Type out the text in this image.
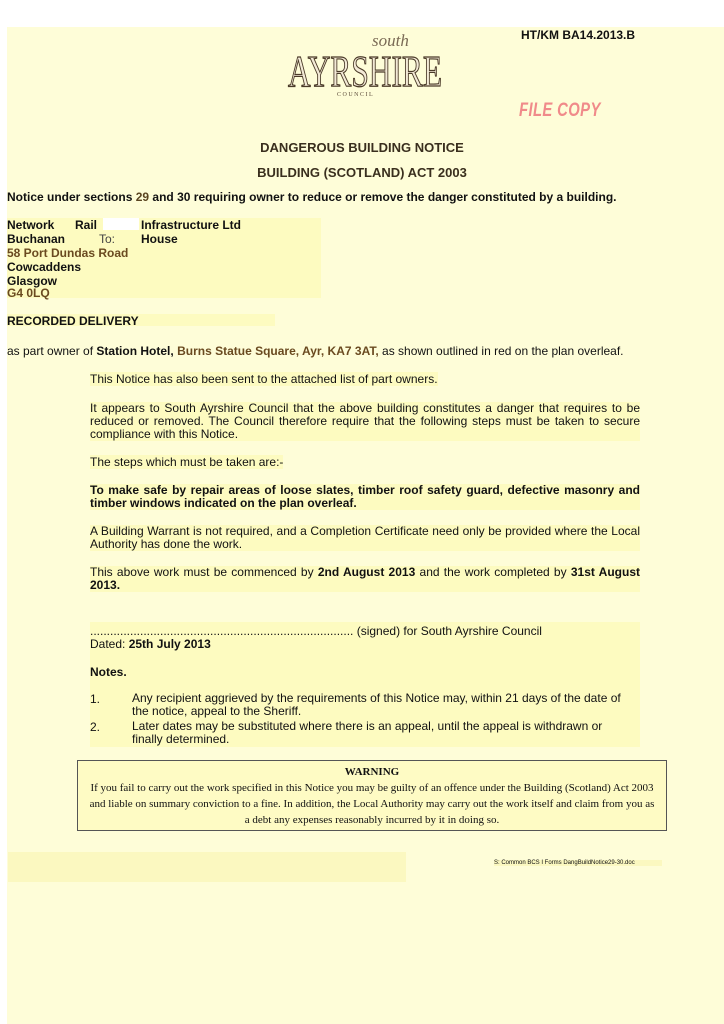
HT/KM BA14.2013.B
south
AYRSHIRE
C O U N C I L
FILE COPY
DANGEROUS BUILDING NOTICE
BUILDING (SCOTLAND) ACT 2003
Notice under sections 29 and 30 requiring owner to reduce or remove the danger constituted by a building.
Network Rail	Infrastructure Ltd
Buchanan	To: House
58 Port Dundas Road
Cowcaddens
Glasgow
G4 0LQ
RECORDED DELIVERY
as part owner of Station Hotel, Burns Statue Square, Ayr, KA7 3AT, as shown outlined in red on the plan overleaf.
This Notice has also been sent to the attached list of part owners.
It appears to South Ayrshire Council that the above building constitutes a danger that requires to be reduced or removed. The Council therefore require that the following steps must be taken to secure compliance with this Notice.
The steps which must be taken are:-
To make safe by repair areas of loose slates, timber roof safety guard, defective masonry and timber windows indicated on the plan overleaf.
A Building Warrant is not required, and a Completion Certificate need only be provided where the Local Authority has done the work.
This above work must be commenced by 2nd August 2013 and the work completed by 31st August 2013.
............................................................................... (signed) for South Ayrshire Council
Dated: 25th July 2013
Notes.
1.	Any recipient aggrieved by the requirements of this Notice may, within 21 days of the date of the notice, appeal to the Sheriff.
2.	Later dates may be substituted where there is an appeal, until the appeal is withdrawn or finally determined.
WARNING
If you fail to carry out the work specified in this Notice you may be guilty of an offence under the Building (Scotland) Act 2003 and liable on summary conviction to a fine. In addition, the Local Authority may carry out the work itself and claim from you as a debt any expenses reasonably incurred by it in doing so.
S: Common BCS I Forms DangBuildNotice29-30.doc
